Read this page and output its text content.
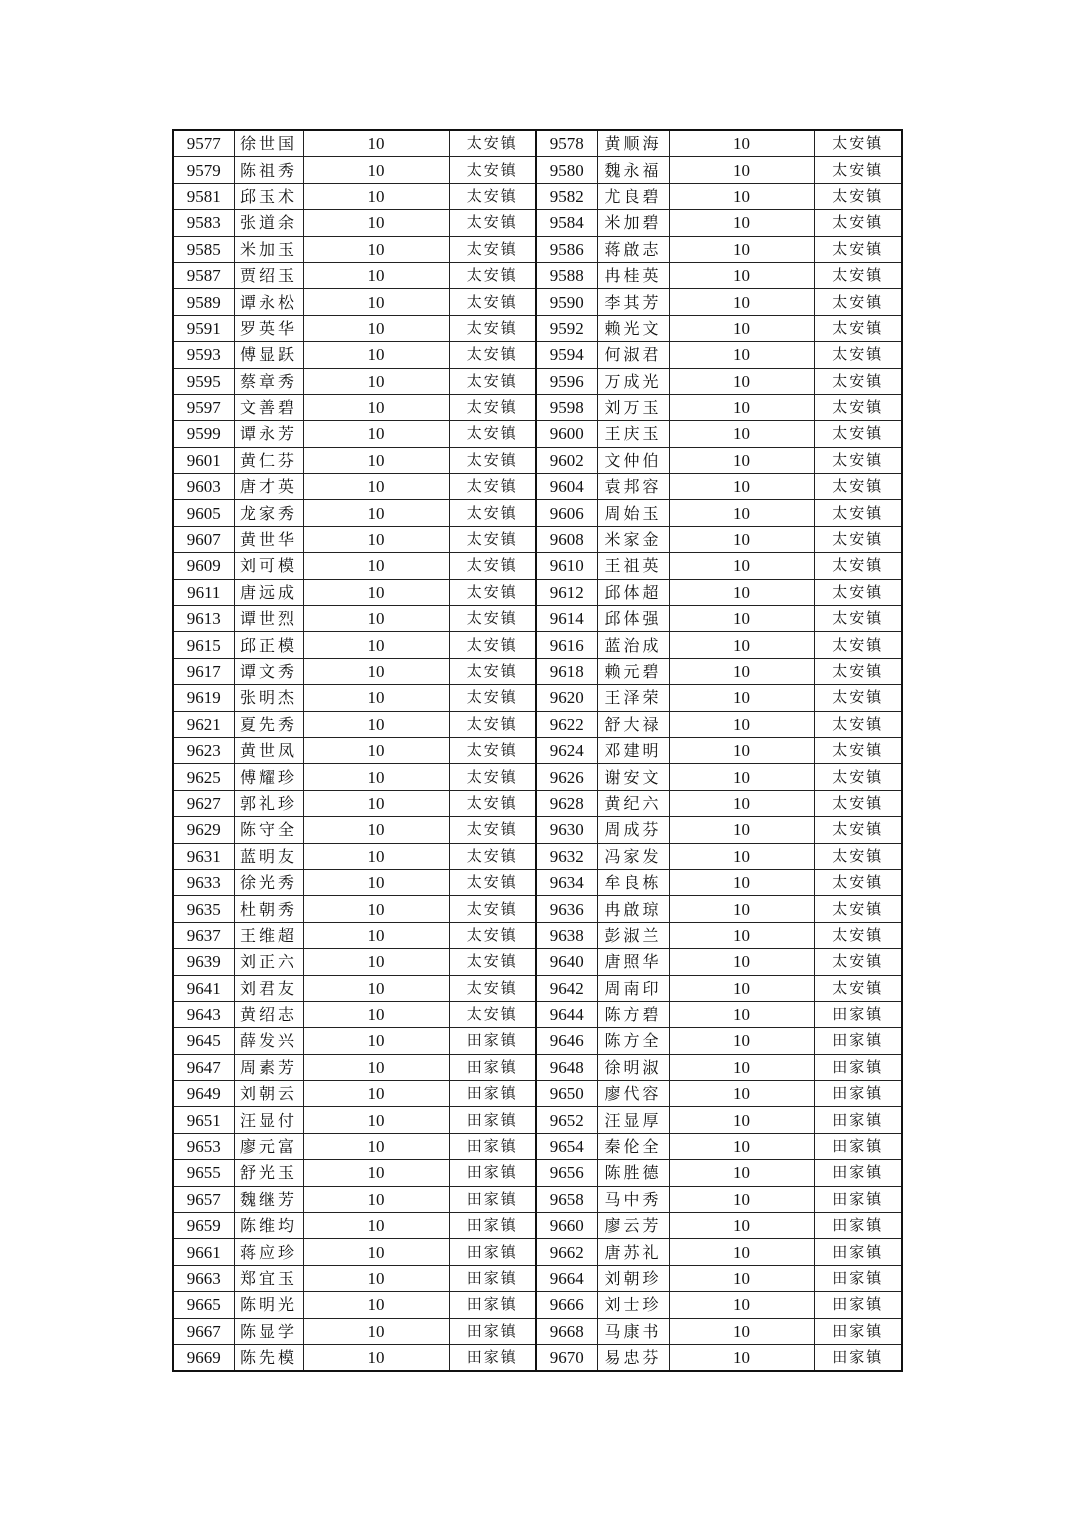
9577	徐世国	10	太安镇	9578	黄顺海	10	太安镇
9579	陈祖秀	10	太安镇	9580	魏永福	10	太安镇
9581	邱玉术	10	太安镇	9582	尤良碧	10	太安镇
9583	张道余	10	太安镇	9584	米加碧	10	太安镇
9585	米加玉	10	太安镇	9586	蒋啟志	10	太安镇
9587	贾绍玉	10	太安镇	9588	冉桂英	10	太安镇
9589	谭永松	10	太安镇	9590	李其芳	10	太安镇
9591	罗英华	10	太安镇	9592	赖光文	10	太安镇
9593	傅显跃	10	太安镇	9594	何淑君	10	太安镇
9595	蔡章秀	10	太安镇	9596	万成光	10	太安镇
9597	文善碧	10	太安镇	9598	刘万玉	10	太安镇
9599	谭永芳	10	太安镇	9600	王庆玉	10	太安镇
9601	黄仁芬	10	太安镇	9602	文仲伯	10	太安镇
9603	唐才英	10	太安镇	9604	袁邦容	10	太安镇
9605	龙家秀	10	太安镇	9606	周始玉	10	太安镇
9607	黄世华	10	太安镇	9608	米家金	10	太安镇
9609	刘可模	10	太安镇	9610	王祖英	10	太安镇
9611	唐远成	10	太安镇	9612	邱体超	10	太安镇
9613	谭世烈	10	太安镇	9614	邱体强	10	太安镇
9615	邱正模	10	太安镇	9616	蓝治成	10	太安镇
9617	谭文秀	10	太安镇	9618	赖元碧	10	太安镇
9619	张明杰	10	太安镇	9620	王泽荣	10	太安镇
9621	夏先秀	10	太安镇	9622	舒大禄	10	太安镇
9623	黄世凤	10	太安镇	9624	邓建明	10	太安镇
9625	傅耀珍	10	太安镇	9626	谢安文	10	太安镇
9627	郭礼珍	10	太安镇	9628	黄纪六	10	太安镇
9629	陈守全	10	太安镇	9630	周成芬	10	太安镇
9631	蓝明友	10	太安镇	9632	冯家发	10	太安镇
9633	徐光秀	10	太安镇	9634	牟良栋	10	太安镇
9635	杜朝秀	10	太安镇	9636	冉啟琼	10	太安镇
9637	王维超	10	太安镇	9638	彭淑兰	10	太安镇
9639	刘正六	10	太安镇	9640	唐照华	10	太安镇
9641	刘君友	10	太安镇	9642	周南印	10	太安镇
9643	黄绍志	10	太安镇	9644	陈方碧	10	田家镇
9645	薛发兴	10	田家镇	9646	陈方全	10	田家镇
9647	周素芳	10	田家镇	9648	徐明淑	10	田家镇
9649	刘朝云	10	田家镇	9650	廖代容	10	田家镇
9651	汪显付	10	田家镇	9652	汪显厚	10	田家镇
9653	廖元富	10	田家镇	9654	秦伦全	10	田家镇
9655	舒光玉	10	田家镇	9656	陈胜德	10	田家镇
9657	魏继芳	10	田家镇	9658	马中秀	10	田家镇
9659	陈维均	10	田家镇	9660	廖云芳	10	田家镇
9661	蒋应珍	10	田家镇	9662	唐苏礼	10	田家镇
9663	郑宜玉	10	田家镇	9664	刘朝珍	10	田家镇
9665	陈明光	10	田家镇	9666	刘士珍	10	田家镇
9667	陈显学	10	田家镇	9668	马康书	10	田家镇
9669	陈先模	10	田家镇	9670	易忠芬	10	田家镇
